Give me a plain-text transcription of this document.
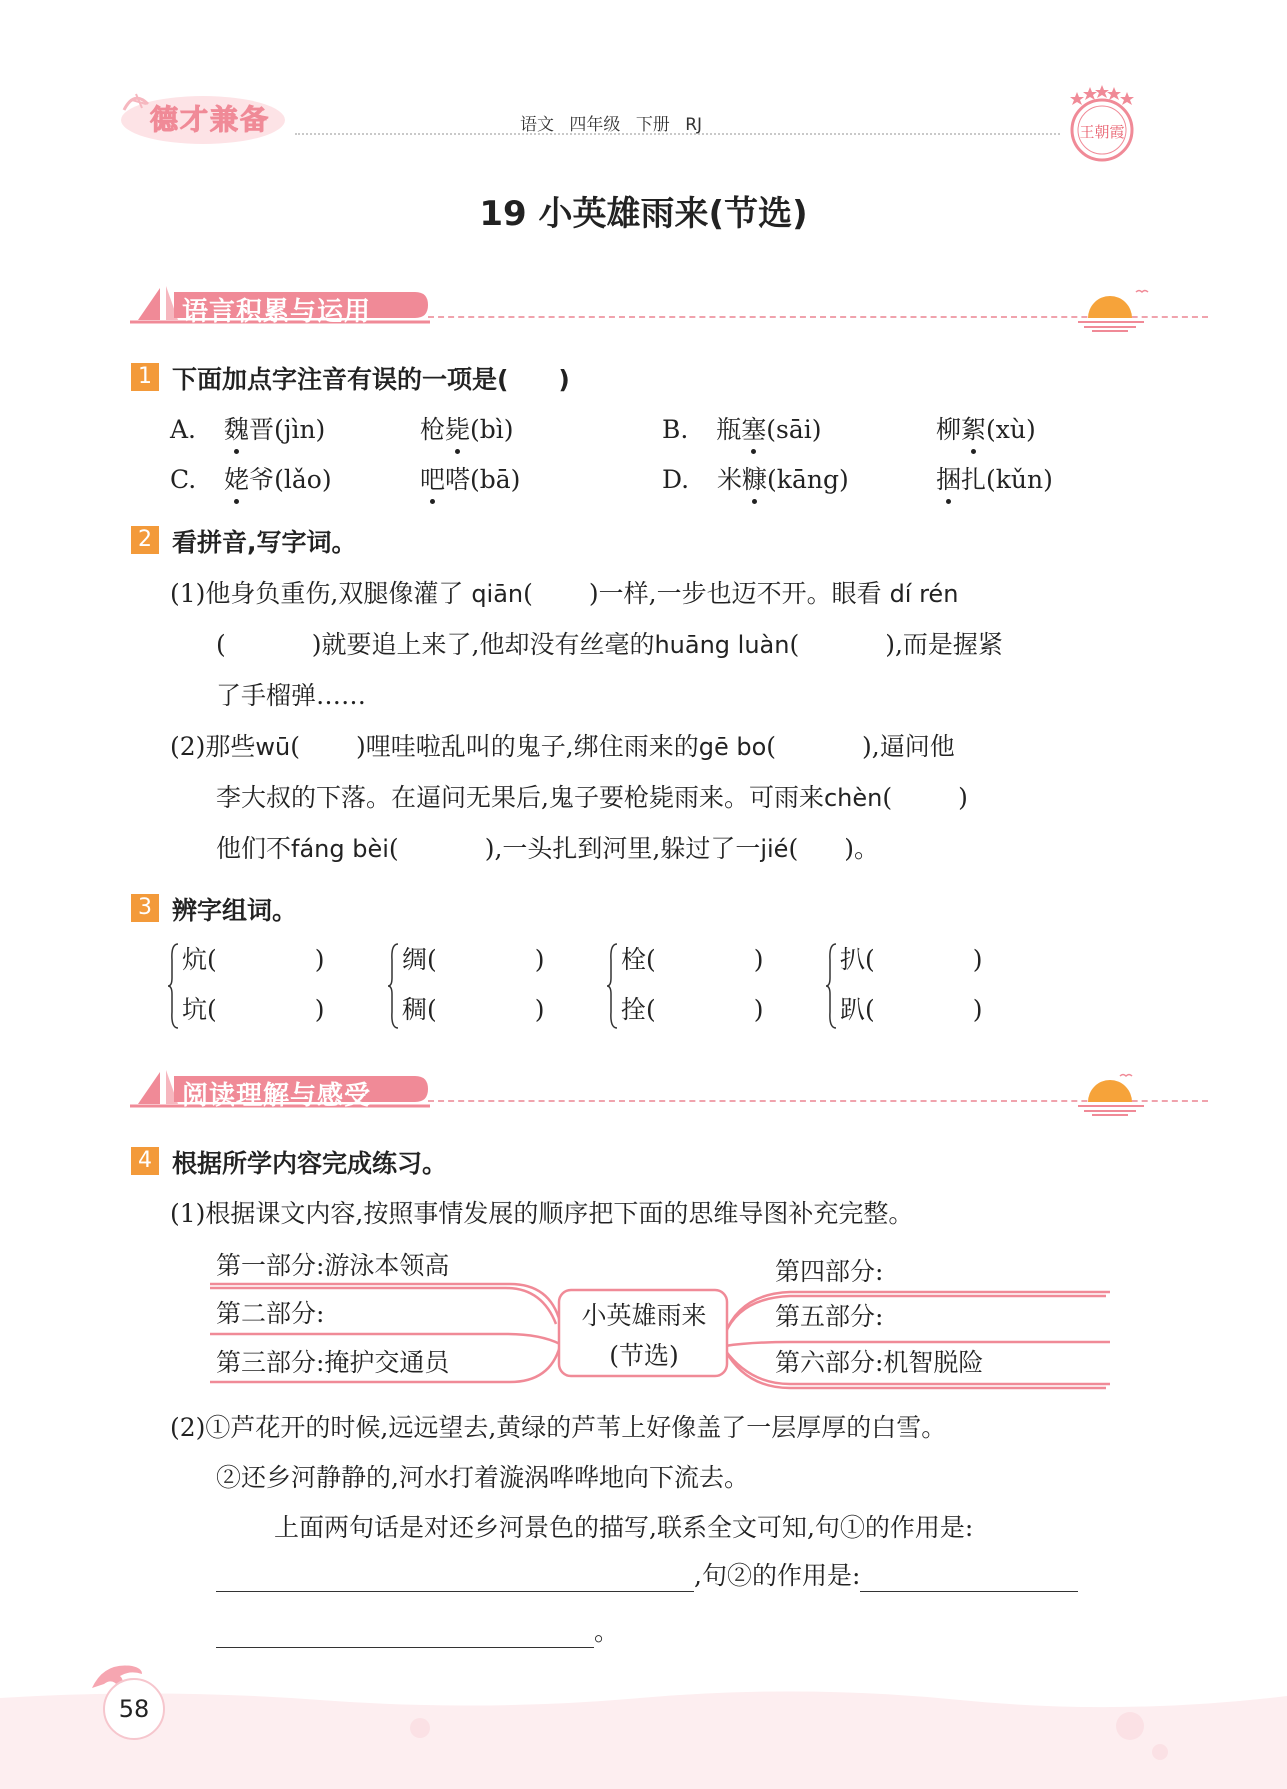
德才兼备	语文 四年级 下册 RJ	王朝霞
19 小英雄雨来(节选)
语言积累与运用
1 下面加点字注音有误的一项是(　　)
A. 魏晋(jìn)	枪毙(bì)	B. 瓶塞(sāi)	柳絮(xù)
C. 姥爷(lǎo)	吧嗒(bā)	D. 米糠(kāng)	捆扎(kǔn)
2 看拼音,写字词。
(1)他身负重伤,双腿像灌了 qiān( )一样,一步也迈不开。眼看 dí rén
(	)就要追上来了,他却没有丝毫的huāng luàn(	),而是握紧
了手榴弹……
(2)那些wū( )哩哇啦乱叫的鬼子,绑住雨来的gē bo(	),逼问他
李大叔的下落。在逼问无果后,鬼子要枪毙雨来。可雨来chèn(	)
他们不fáng bèi(	),一头扎到河里,躲过了一jié( )。
3 辨字组词。
炕(	)
坑(	)
绸(	)
稠(	)
栓(	)
拴(	)
扒(	)
趴(	)
阅读理解与感受
4 根据所学内容完成练习。
(1)根据课文内容,按照事情发展的顺序把下面的思维导图补充完整。
小英雄雨来
(节选)
第一部分:游泳本领高
第二部分:
第三部分:掩护交通员
第四部分:
第五部分:
第六部分:机智脱险
(2)①芦花开的时候,远远望去,黄绿的芦苇上好像盖了一层厚厚的白雪。
②还乡河静静的,河水打着漩涡哗哗地向下流去。
上面两句话是对还乡河景色的描写,联系全文可知,句①的作用是:
,句②的作用是:
。
58
